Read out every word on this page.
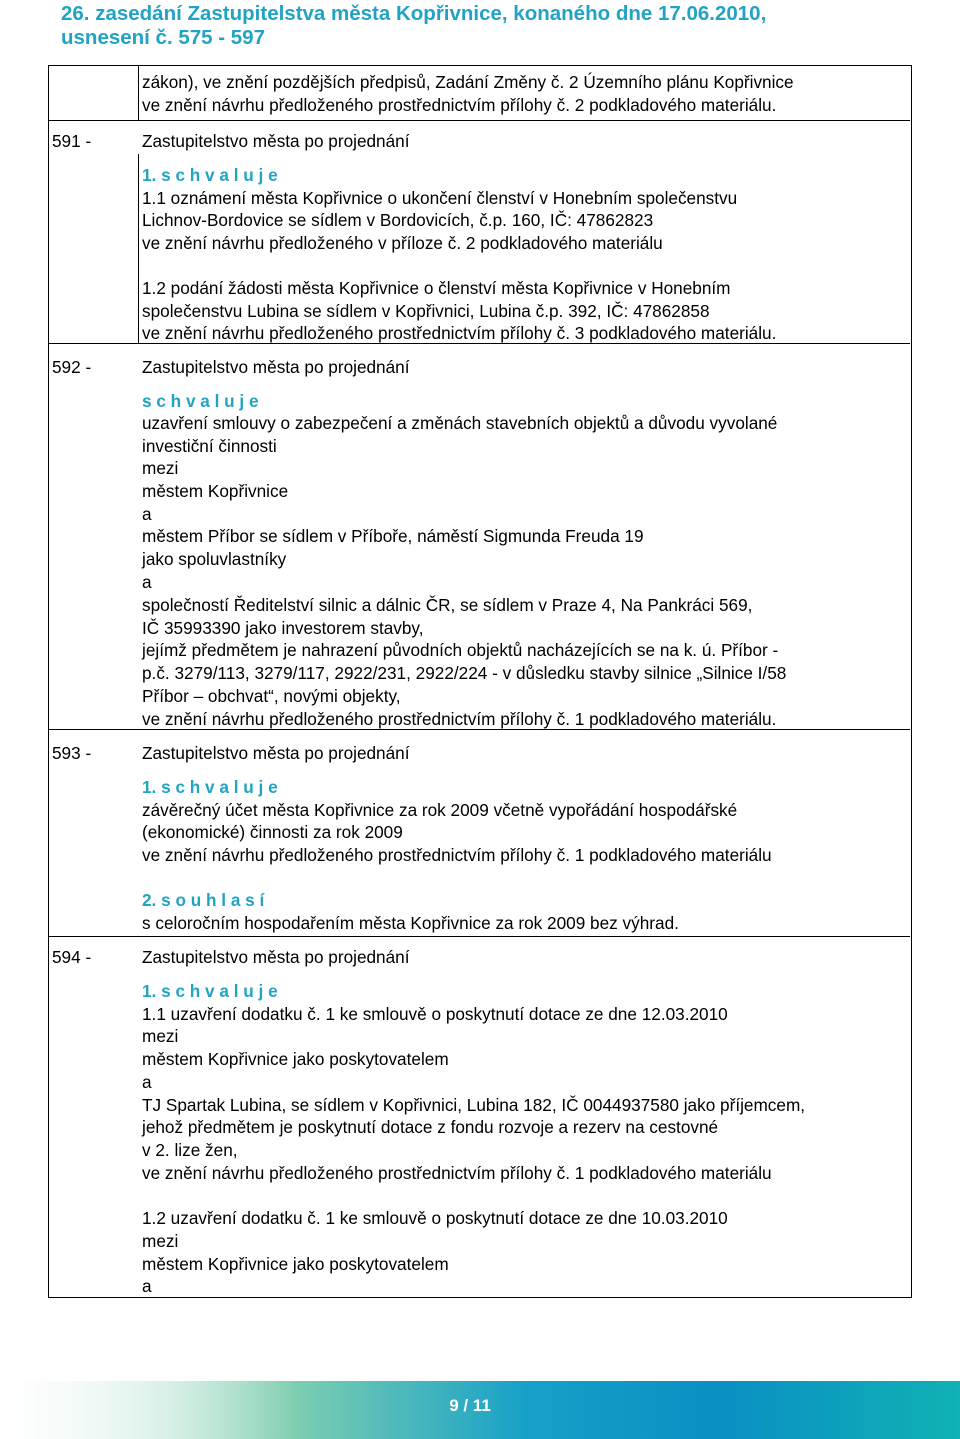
26. zasedání Zastupitelstva města Kopřivnice, konaného dne 17.06.2010,
usnesení č. 575 - 597
zákon), ve znění pozdějších předpisů, Zadání Změny č. 2 Územního plánu Kopřivnice
ve znění návrhu předloženého prostřednictvím přílohy č. 2 podkladového materiálu.
591 -	Zastupitelstvo města po projednání
1. s c h v a l u j e
1.1 oznámení města Kopřivnice o ukončení členství v Honebním společenstvu
Lichnov-Bordovice se sídlem v Bordovicích, č.p. 160, IČ: 47862823
ve znění návrhu předloženého v příloze č. 2 podkladového materiálu
1.2 podání žádosti města Kopřivnice o členství města Kopřivnice v Honebním
společenstvu Lubina se sídlem v Kopřivnici, Lubina č.p. 392, IČ: 47862858
ve znění návrhu předloženého prostřednictvím přílohy č. 3 podkladového materiálu.
592 -	Zastupitelstvo města po projednání
s c h v a l u j e
uzavření smlouvy o zabezpečení a změnách stavebních objektů a důvodu vyvolané
investiční činnosti
mezi
městem Kopřivnice
a
městem Příbor se sídlem v Příboře, náměstí Sigmunda Freuda 19
jako spoluvlastníky
a
společností Ředitelství silnic a dálnic ČR, se sídlem v Praze 4, Na Pankráci 569,
IČ 35993390 jako investorem stavby,
jejímž předmětem je nahrazení původních objektů nacházejících se na k. ú. Příbor -
p.č. 3279/113, 3279/117, 2922/231, 2922/224 - v důsledku stavby silnice „Silnice I/58
Příbor – obchvat“, novými objekty,
ve znění návrhu předloženého prostřednictvím přílohy č. 1 podkladového materiálu.
593 -	Zastupitelstvo města po projednání
1. s c h v a l u j e
závěrečný účet města Kopřivnice za rok 2009 včetně vypořádání hospodářské
(ekonomické) činnosti za rok 2009
ve znění návrhu předloženého prostřednictvím přílohy č. 1 podkladového materiálu
2. s o u h l a s í
s celoročním hospodařením města Kopřivnice za rok 2009 bez výhrad.
594 -	Zastupitelstvo města po projednání
1. s c h v a l u j e
1.1 uzavření dodatku č. 1 ke smlouvě o poskytnutí dotace ze dne 12.03.2010
mezi
městem Kopřivnice jako poskytovatelem
a
TJ Spartak Lubina, se sídlem v Kopřivnici, Lubina 182, IČ 0044937580 jako příjemcem,
jehož předmětem je poskytnutí dotace z fondu rozvoje a rezerv na cestovné
v 2. lize žen,
ve znění návrhu předloženého prostřednictvím přílohy č. 1 podkladového materiálu
1.2 uzavření dodatku č. 1 ke smlouvě o poskytnutí dotace ze dne 10.03.2010
mezi
městem Kopřivnice jako poskytovatelem
a
9 / 11
